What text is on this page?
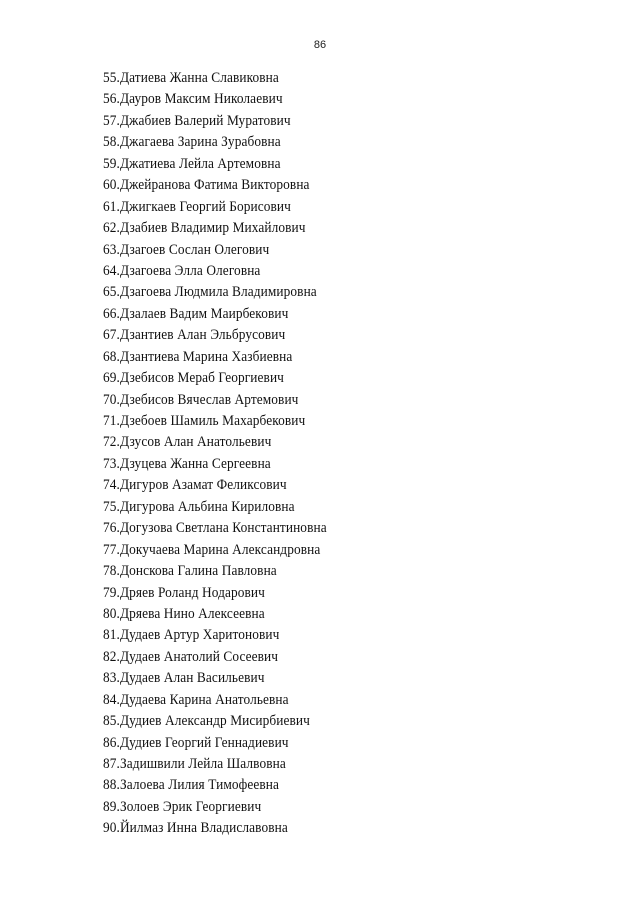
86
55.Датиева Жанна Славиковна
56.Дауров Максим Николаевич
57.Джабиев Валерий Муратович
58.Джагаева Зарина Зурабовна
59.Джатиева Лейла Артемовна
60.Джейранова Фатима Викторовна
61.Джигкаев Георгий Борисович
62.Дзабиев Владимир Михайлович
63.Дзагоев Сослан Олегович
64.Дзагоева Элла Олеговна
65.Дзагоева Людмила Владимировна
66.Дзалаев Вадим Маирбекович
67.Дзантиев Алан Эльбрусович
68.Дзантиева Марина Хазбиевна
69.Дзебисов Мераб Георгиевич
70.Дзебисов Вячеслав Артемович
71.Дзебоев Шамиль Махарбекович
72.Дзусов Алан Анатольевич
73.Дзуцева Жанна Сергеевна
74.Дигуров Азамат Феликсович
75.Дигурова Альбина Кириловна
76.Догузова Светлана Константиновна
77.Докучаева Марина Александровна
78.Донскова Галина Павловна
79.Дряев Роланд Нодарович
80.Дряева Нино Алексеевна
81.Дудаев Артур Харитонович
82.Дудаев Анатолий Сосеевич
83.Дудаев Алан Васильевич
84.Дудаева Карина Анатольевна
85.Дудиев Александр Мисирбиевич
86.Дудиев Георгий Геннадиевич
87.Задишвили Лейла Шалвовна
88.Залоева Лилия Тимофеевна
89.Золоев Эрик Георгиевич
90.Йилмаз Инна Владиславовна
